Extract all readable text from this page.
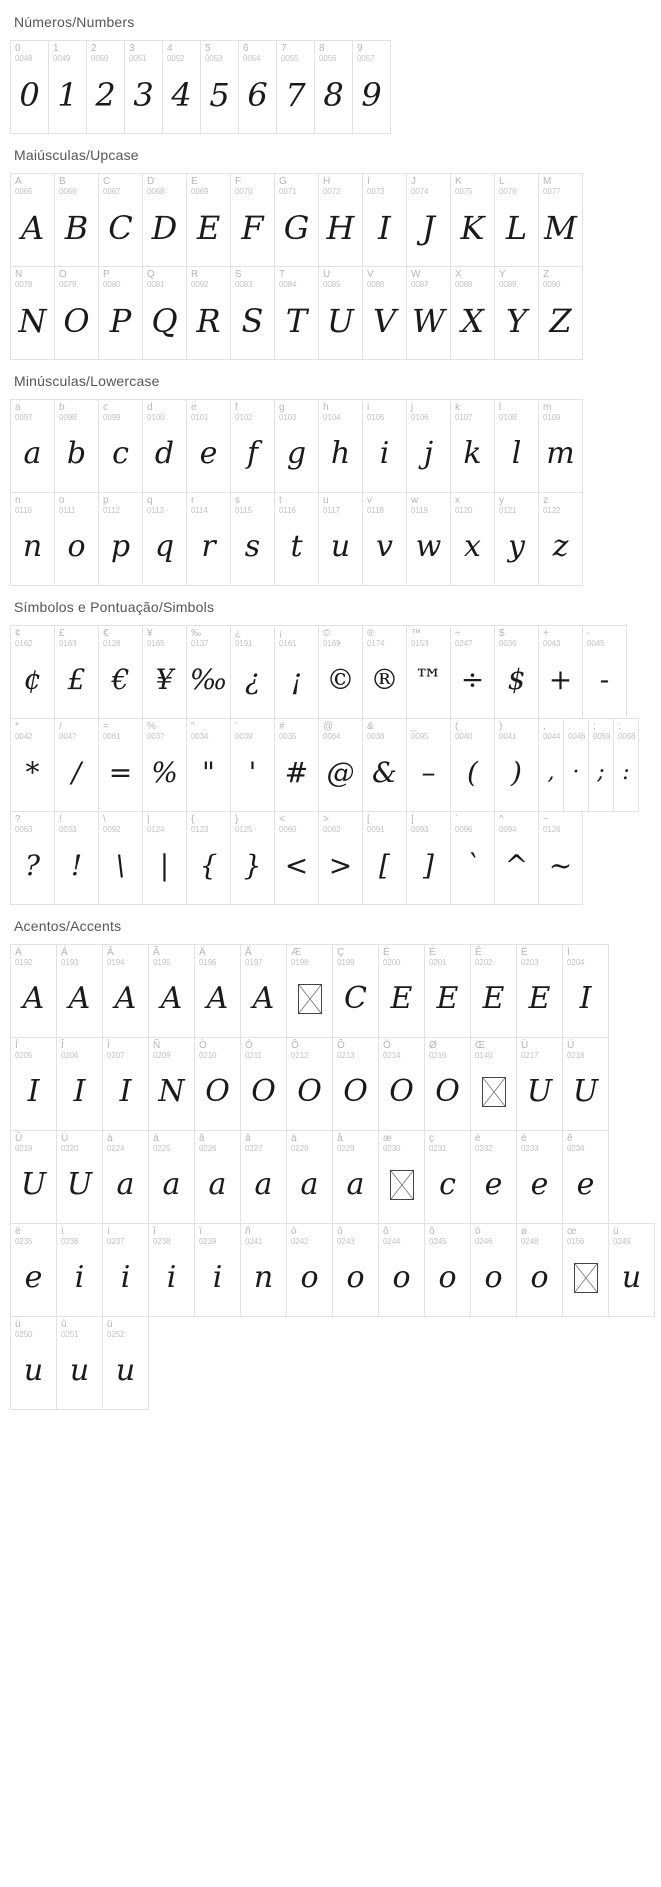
Números/Numbers
0
0048
0
1
0049
1
2
0050
2
3
0051
3
4
0052
4
5
0053
5
6
0054
6
7
0055
7
8
0056
8
9
0057
9
Maiúsculas/Upcase
A
0065
A
B
0066
B
C
0067
C
D
0068
D
E
0069
E
F
0070
F
G
0071
G
H
0072
H
I
0073
I
J
0074
J
K
0075
K
L
0076
L
M
0077
M
N
0078
N
O
0079
O
P
0080
P
Q
0081
Q
R
0092
R
S
0083
S
T
0084
T
U
0085
U
V
0086
V
W
0087
W
X
0088
X
Y
0089
Y
Z
0090
Z
Minúsculas/Lowercase
a
0097
a
b
0098
b
c
0099
c
d
0100
d
e
0101
e
f
0102
f
g
0103
g
h
0104
h
i
0105
i
j
0106
j
k
0107
k
l
0108
l
m
0109
m
n
0110
n
o
0111
o
p
0112
p
q
0113
q
r
0114
r
s
0115
s
t
0116
t
u
0117
u
v
0118
v
w
0119
w
x
0120
x
y
0121
y
z
0122
z
Símbolos e Pontuação/Simbols
¢
0162
¢
£
0163
£
€
0128
€
¥
0165
¥
‰
0137
‰
¿
0191
¿
¡
0161
¡
©
0169
©
®
0174
®
™
0153
™
÷
0247
÷
$
0036
$
+
0043
+
-
0045
-
*
0042
*
/
0047
/
=
0061
=
%
0037
%
"
0034
"
'
0039
'
#
0035
#
@
0064
@
&
0038
&
_
0095
–
(
0040
(
)
0041
)
,
0044
,
.
0046
·
;
0059
;
:
0058
:
?
0063
?
!
0033
!
\
0092
\
|
0124
|
{
0123
{
}
0125
}
<
0060
<
>
0062
>
[
0091
[
]
0093
]
`
0096
`
^
0094
^
~
0126
~
Acentos/Accents
À
0192
A
Á
0193
A
Â
0194
A
Ã
0195
A
Ä
0196
A
Å
0197
A
Æ
0198
Ç
0199
C
È
0200
E
É
0201
E
Ê
0202
E
Ë
0203
E
Ì
0204
I
Í
0205
I
Î
0206
I
Ï
0207
I
Ñ
0209
N
Ò
0210
O
Ó
0211
O
Ô
0212
O
Õ
0213
O
Ö
0214
O
Ø
0216
O
Œ
0140
Ù
0217
U
Ú
0218
U
Û
0219
U
Ü
0220
U
à
0224
a
á
0225
a
â
0226
a
ã
0227
a
ä
0228
a
å
0229
a
æ
0230
ç
0231
c
è
0232
e
é
0233
e
ê
0234
e
ë
0235
e
ì
0236
i
í
0237
i
î
0238
i
ï
0239
i
ñ
0241
n
ò
0242
o
ó
0243
o
ô
0244
o
õ
0245
o
ö
0246
o
ø
0248
o
œ
0156
ù
0249
u
ú
0250
u
û
0251
u
ü
0252
u
